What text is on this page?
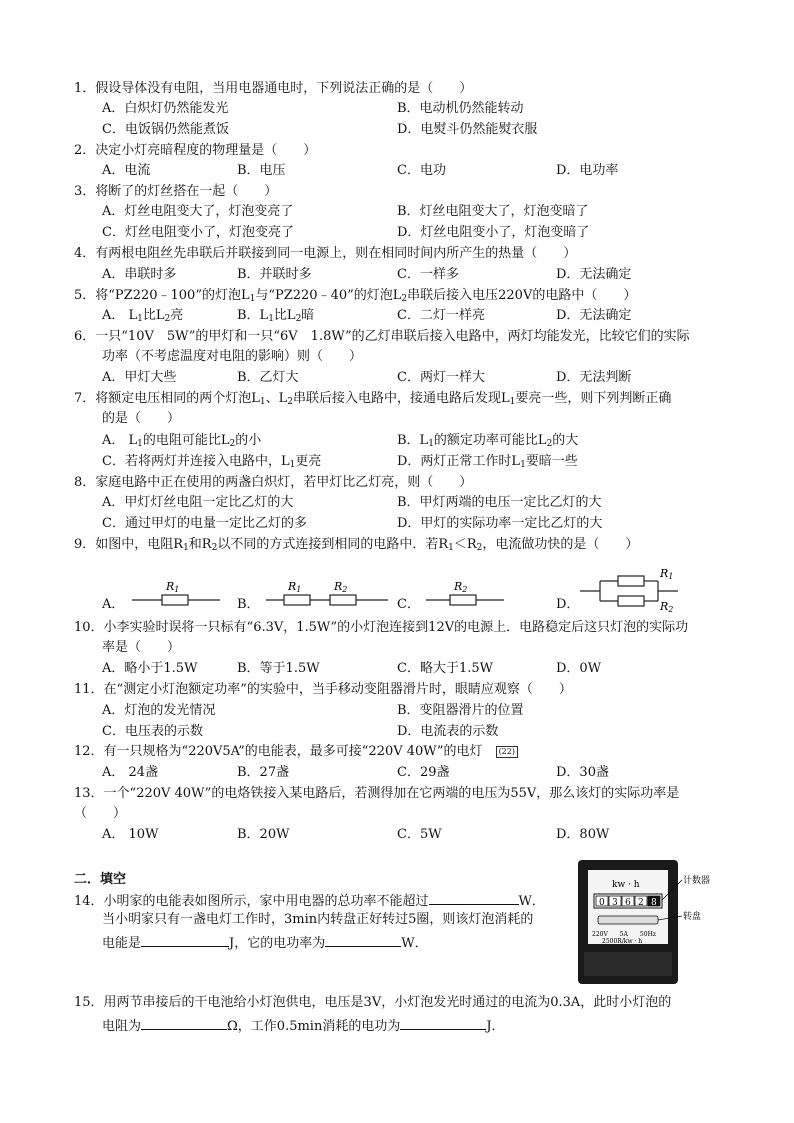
1．假设导体没有电阻，当用电器通电时，下列说法正确的是（　　）
A．白炽灯仍然能发光	B．电动机仍然能转动
C．电饭锅仍然能煮饭	D．电熨斗仍然能熨衣服
2．决定小灯亮暗程度的物理量是（　　）
A．电流	B．电压	C．电功	D．电功率
3．将断了的灯丝搭在一起（　　）
A．灯丝电阻变大了，灯泡变亮了	B．灯丝电阻变大了，灯泡变暗了
C．灯丝电阻变小了，灯泡变亮了	D．灯丝电阻变小了，灯泡变暗了
4．有两根电阻丝先串联后并联接到同一电源上，则在相同时间内所产生的热量（　　）
A．串联时多	B．并联时多	C．一样多	D．无法确定
5．将“PZ220﹣100”的灯泡$L_1$与“PZ220﹣40”的灯泡$L_2$串联后接入电压220V的电路中（　　）
A． $L_1$比$L_2$亮	B．$L_1$比$L_2$暗	C．二灯一样亮	D．无法确定
6．一只“10V　5W”的甲灯和一只“6V　1.8W”的乙灯串联后接入电路中，两灯均能发光，比较它们的实际
功率（不考虑温度对电阻的影响）则（　　）
A．甲灯大些	B．乙灯大	C．两灯一样大	D．无法判断
7．将额定电压相同的两个灯泡$L_1$、$L_2$串联后接入电路中，接通电路后发现$L_1$要亮一些，则下列判断正确
的是（　　）
A． $L_1$的电阻可能比$L_2$的小	B．$L_1$的额定功率可能比$L_2$的大
C．若将两灯并连接入电路中，$L_1$更亮	D．两灯正常工作时$L_1$要暗一些
8．家庭电路中正在使用的两盏白炽灯，若甲灯比乙灯亮，则（　　）
A．甲灯灯丝电阻一定比乙灯的大	B．甲灯两端的电压一定比乙灯的大
C．通过甲灯的电量一定比乙灯的多	D．甲灯的实际功率一定比乙灯的大
9．如图中，电阻$R_1$和$R_2$以不同的方式连接到相同的电路中．若$R_1<R_2$，电流做功快的是（　　）
A．
R1
B．
R1	R2
C．
R2
D．
R1
R2
10．小李实验时误将一只标有“6.3V，1.5W”的小灯泡连接到12V的电源上．电路稳定后这只灯泡的实际功
率是（　　）
A．略小于1.5W	B．等于1.5W	C．略大于1.5W	D．0W
11．在“测定小灯泡额定功率”的实验中，当手移动变阻器滑片时，眼睛应观察（　　）
A．灯泡的发光情况	B．变阻器滑片的位置
C．电压表的示数	D．电流表的示数
12．有一只规格为“220V5A”的电能表，最多可接“220V 40W”的电灯　(22)
A． 24盏	B．27盏	C．29盏	D．30盏
13．一个“220V 40W”的电烙铁接入某电路后，若测得加在它两端的电压为55V，那么该灯的实际功率是
（　　）
A． 10W	B．20W	C．5W	D．80W
二．填空
14．小明家的电能表如图所示，家中用电器的总功率不能超过	W．
当小明家只有一盏电灯工作时，3min内转盘正好转过5圈，则该灯泡消耗的
电能是	J，它的电功率为	W．
kw · h
0 3 6 2 8
220V　　5A　　50Hz
2500R/kw · h
计数器
转盘
15．用两节串接后的干电池给小灯泡供电，电压是3V，小灯泡发光时通过的电流为0.3A，此时小灯泡的
电阻为	Ω，工作0.5min消耗的电功为	J．
